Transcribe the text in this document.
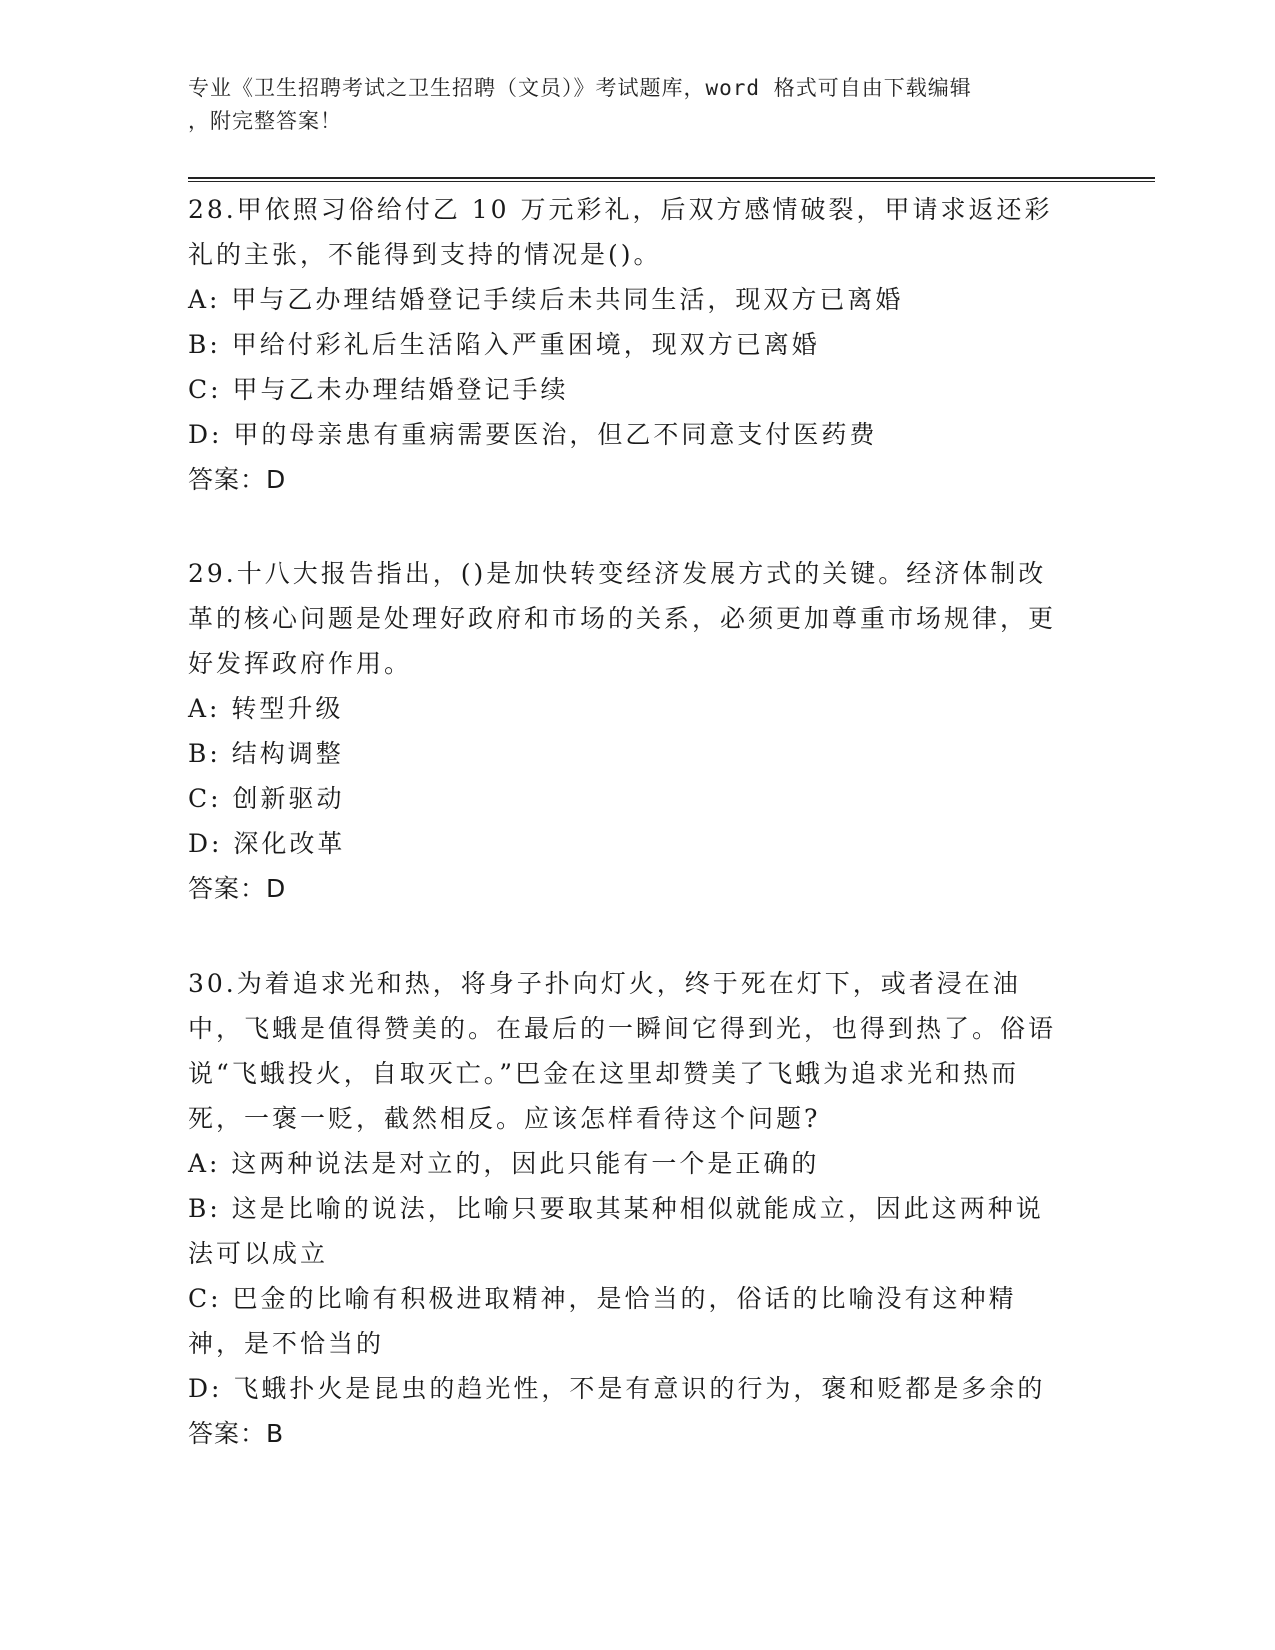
专业《卫生招聘考试之卫生招聘（文员）》考试题库，word 格式可自由下载编辑
，附完整答案！

28.甲依照习俗给付乙 10 万元彩礼，后双方感情破裂，甲请求返还彩礼的主张，不能得到支持的情况是()。

A: 甲与乙办理结婚登记手续后未共同生活，现双方已离婚

B: 甲给付彩礼后生活陷入严重困境，现双方已离婚

C: 甲与乙未办理结婚登记手续

D: 甲的母亲患有重病需要医治，但乙不同意支付医药费

答案：D

29.十八大报告指出，()是加快转变经济发展方式的关键。经济体制改革的核心问题是处理好政府和市场的关系，必须更加尊重市场规律，更好发挥政府作用。

A: 转型升级

B: 结构调整

C: 创新驱动

D: 深化改革

答案：D

30.为着追求光和热，将身子扑向灯火，终于死在灯下，或者浸在油中，飞蛾是值得赞美的。在最后的一瞬间它得到光，也得到热了。俗语说“飞蛾投火，自取灭亡。”巴金在这里却赞美了飞蛾为追求光和热而死，一褒一贬，截然相反。应该怎样看待这个问题?

A: 这两种说法是对立的，因此只能有一个是正确的

B: 这是比喻的说法，比喻只要取其某种相似就能成立，因此这两种说法可以成立

C: 巴金的比喻有积极进取精神，是恰当的，俗话的比喻没有这种精神，是不恰当的

D: 飞蛾扑火是昆虫的趋光性，不是有意识的行为，褒和贬都是多余的

答案：B
